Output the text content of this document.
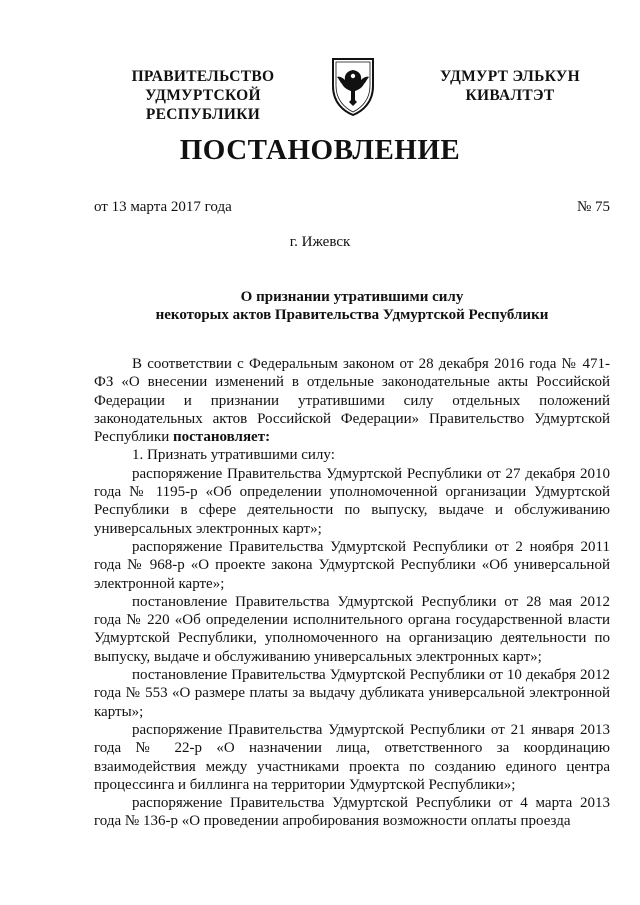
ПРАВИТЕЛЬСТВО
УДМУРТСКОЙ РЕСПУБЛИКИ
УДМУРТ ЭЛЬКУН
КИВАЛТЭТ
ПОСТАНОВЛЕНИЕ
от 13 марта 2017 года	№ 75
г. Ижевск
О признании утратившими силу
некоторых актов Правительства Удмуртской Республики

В соответствии с Федеральным законом от 28 декабря 2016 года № 471-ФЗ «О внесении изменений в отдельные законодательные акты Российской Федерации и признании утратившими силу отдельных положений законодательных актов Российской Федерации» Правительство Удмуртской Республики постановляет:

1. Признать утратившими силу:

распоряжение Правительства Удмуртской Республики от 27 декабря 2010 года № 1195-р «Об определении уполномоченной организации Удмуртской Республики в сфере деятельности по выпуску, выдаче и обслуживанию универсальных электронных карт»;

распоряжение Правительства Удмуртской Республики от 2 ноября 2011 года № 968-р «О проекте закона Удмуртской Республики «Об универсальной электронной карте»;

постановление Правительства Удмуртской Республики от 28 мая 2012 года № 220 «Об определении исполнительного органа государственной власти Удмуртской Республики, уполномоченного на организацию деятельности по выпуску, выдаче и обслуживанию универсальных электронных карт»;

постановление Правительства Удмуртской Республики от 10 декабря 2012 года № 553 «О размере платы за выдачу дубликата универсальной электронной карты»;

распоряжение Правительства Удмуртской Республики от 21 января 2013 года № 22-р «О назначении лица, ответственного за координацию взаимодействия между участниками проекта по созданию единого центра процессинга и биллинга на территории Удмуртской Республики»;

распоряжение Правительства Удмуртской Республики от 4 марта 2013 года № 136-р «О проведении апробирования возможности оплаты проезда
